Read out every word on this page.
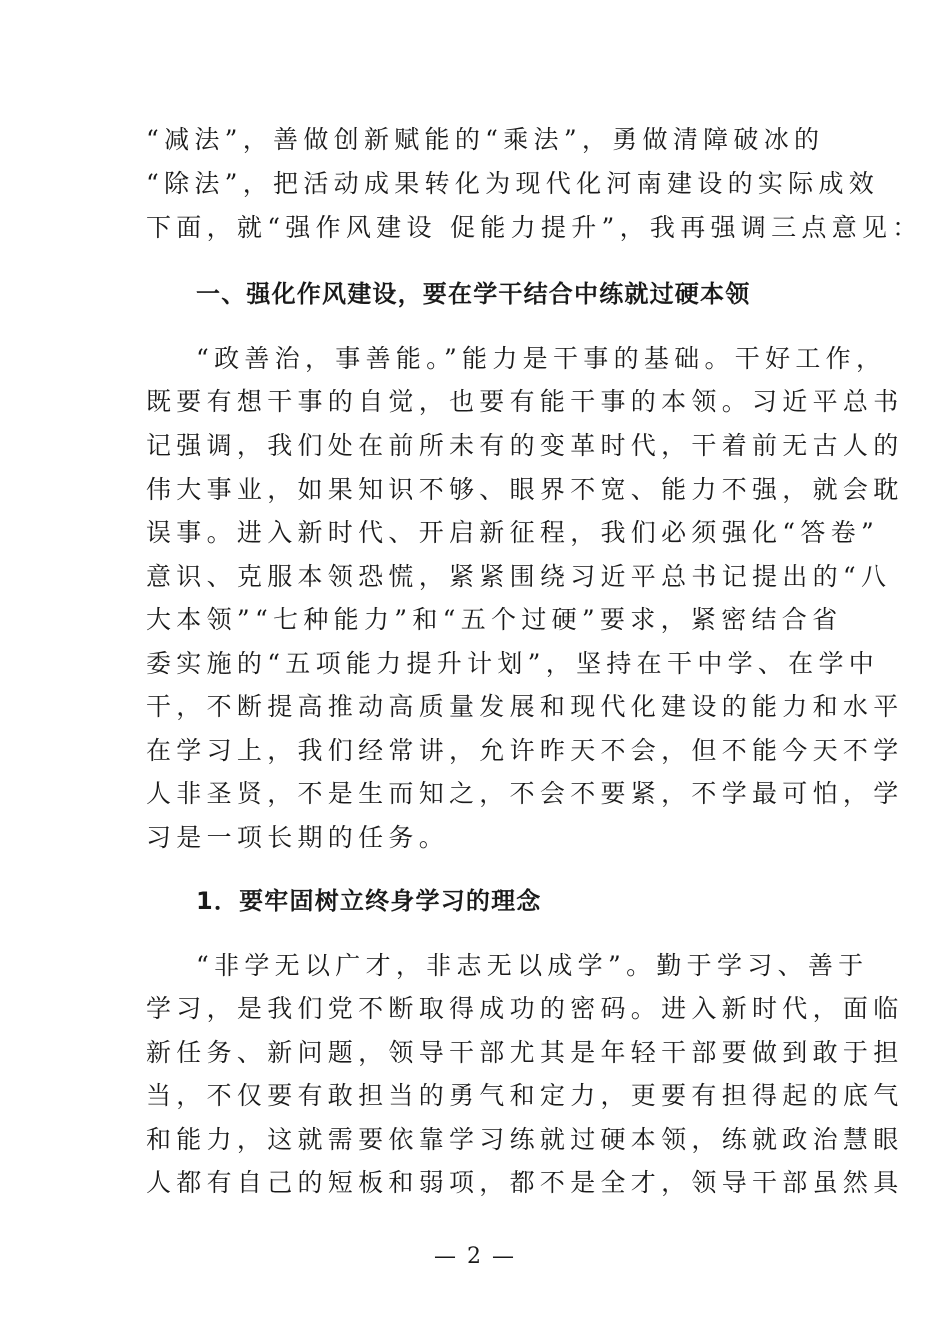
“减法”，善做创新赋能的“乘法”，勇做清障破冰的
“除法”，把活动成果转化为现代化河南建设的实际成效
下面，就“强作风建设 促能力提升”，我再强调三点意见：
一、强化作风建设，要在学干结合中练就过硬本领
“政善治，事善能。”能力是干事的基础。干好工作，
既要有想干事的自觉，也要有能干事的本领。习近平总书
记强调，我们处在前所未有的变革时代，干着前无古人的
伟大事业，如果知识不够、眼界不宽、能力不强，就会耽
误事。进入新时代、开启新征程，我们必须强化“答卷”
意识、克服本领恐慌，紧紧围绕习近平总书记提出的“八
大本领”“七种能力”和“五个过硬”要求，紧密结合省
委实施的“五项能力提升计划”，坚持在干中学、在学中
干，不断提高推动高质量发展和现代化建设的能力和水平
在学习上，我们经常讲，允许昨天不会，但不能今天不学
人非圣贤，不是生而知之，不会不要紧，不学最可怕，学
习是一项长期的任务。
1．要牢固树立终身学习的理念
“非学无以广才，非志无以成学”。勤于学习、善于
学习，是我们党不断取得成功的密码。进入新时代，面临
新任务、新问题，领导干部尤其是年轻干部要做到敢于担
当，不仅要有敢担当的勇气和定力，更要有担得起的底气
和能力，这就需要依靠学习练就过硬本领，练就政治慧眼
人都有自己的短板和弱项，都不是全才，领导干部虽然具
— 2 —
